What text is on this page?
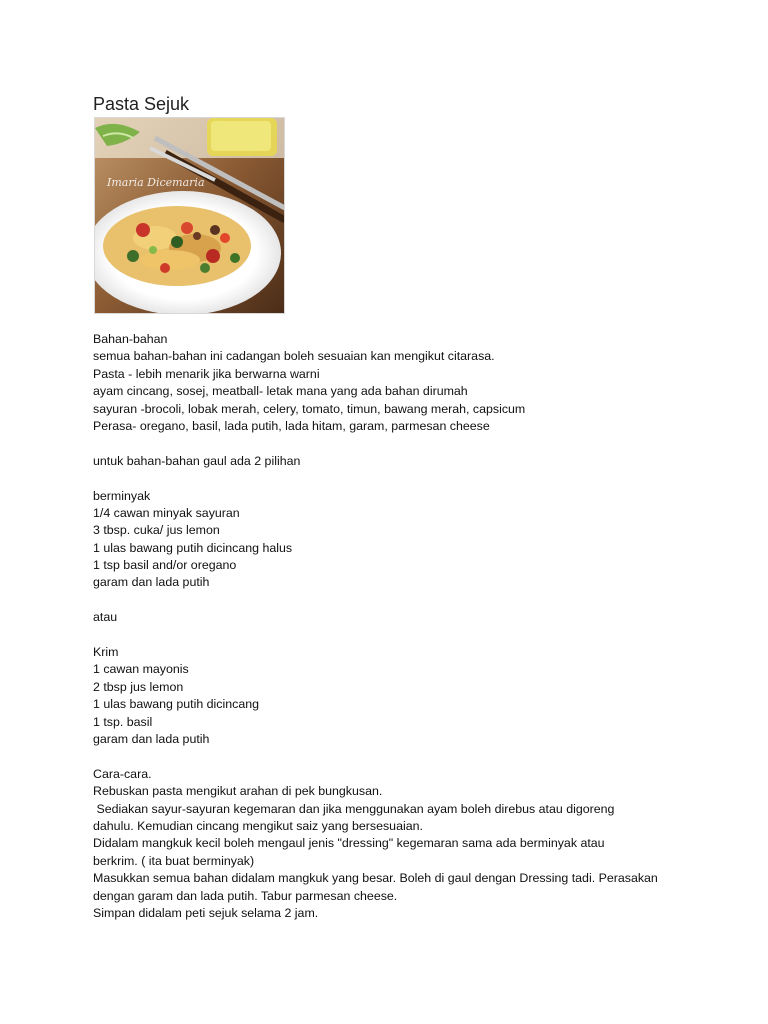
Pasta Sejuk
Imaria Dicemaria
Bahan-bahan
semua bahan-bahan ini cadangan boleh sesuaian kan mengikut citarasa.
Pasta - lebih menarik jika berwarna warni
ayam cincang, sosej, meatball- letak mana yang ada bahan dirumah
sayuran -brocoli, lobak merah, celery, tomato, timun, bawang merah, capsicum
Perasa- oregano, basil, lada putih, lada hitam, garam, parmesan cheese
untuk bahan-bahan gaul ada 2 pilihan
berminyak
1/4 cawan minyak sayuran
3 tbsp. cuka/ jus lemon
1 ulas bawang putih dicincang halus
1 tsp basil and/or oregano
garam dan lada putih
atau
Krim
1 cawan mayonis
2 tbsp jus lemon
1 ulas bawang putih dicincang
1 tsp. basil
garam dan lada putih
Cara-cara.
Rebuskan pasta mengikut arahan di pek bungkusan.
Sediakan sayur-sayuran kegemaran dan jika menggunakan ayam boleh direbus atau digoreng
dahulu. Kemudian cincang mengikut saiz yang bersesuaian.
Didalam mangkuk kecil boleh mengaul jenis "dressing" kegemaran sama ada berminyak atau
berkrim. ( ita buat berminyak)
Masukkan semua bahan didalam mangkuk yang besar. Boleh di gaul dengan Dressing tadi. Perasakan
dengan garam dan lada putih. Tabur parmesan cheese.
Simpan didalam peti sejuk selama 2 jam.
